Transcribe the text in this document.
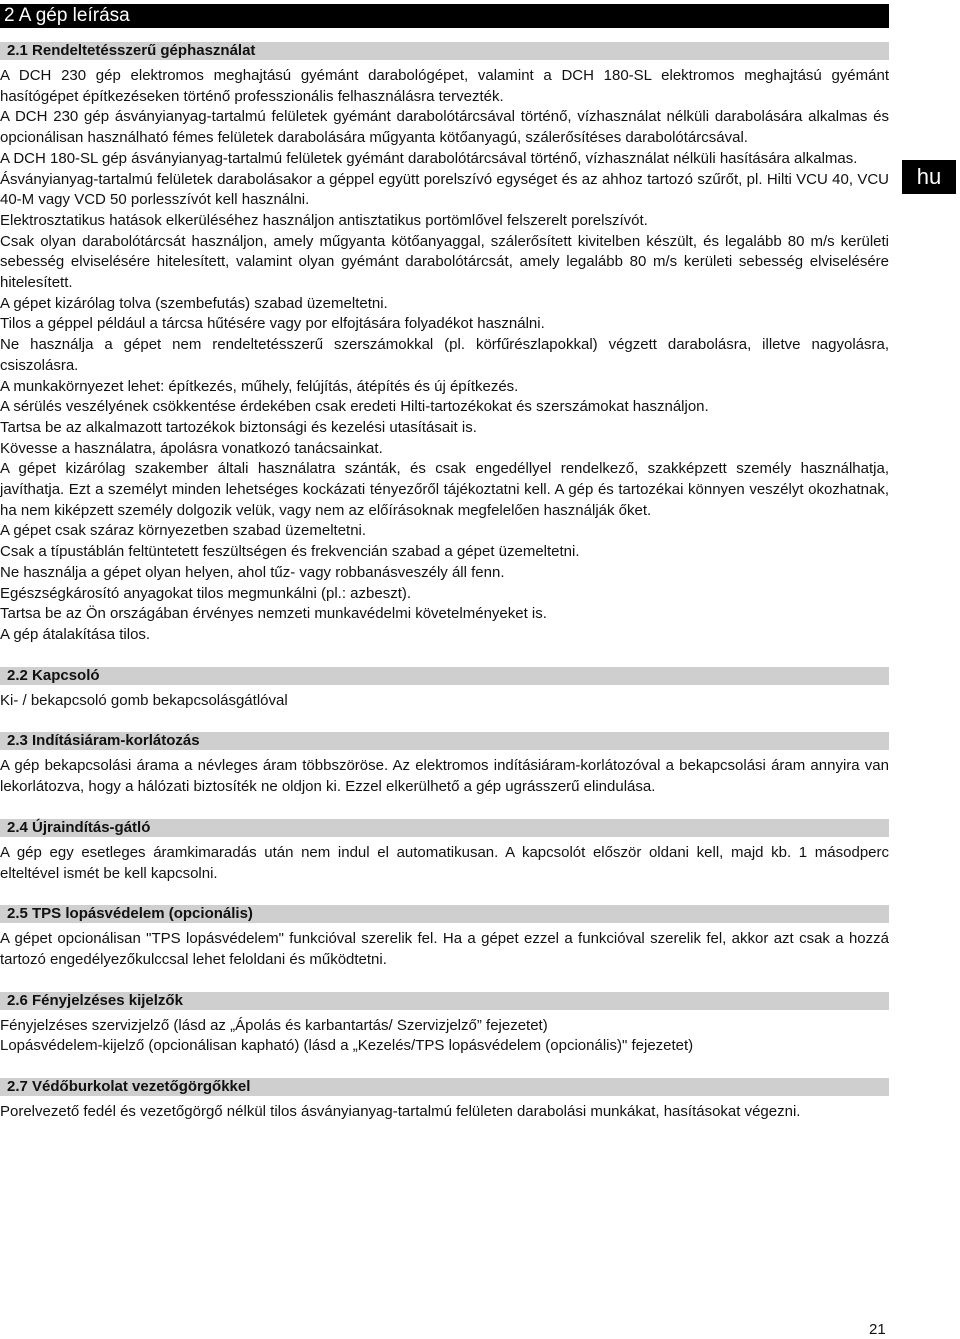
2 A gép leírása
2.1 Rendeltetésszerű géphasználat

A DCH 230 gép elektromos meghajtású gyémánt darabológépet, valamint a DCH 180-SL elektromos meghajtású gyémánt hasítógépet építkezéseken történő professzionális felhasználásra tervezték.

A DCH 230 gép ásványianyag-tartalmú felületek gyémánt darabolótárcsával történő, vízhasználat nélküli darabolására alkalmas és opcionálisan használható fémes felületek darabolására műgyanta kötőanyagú, szálerősítéses darabolótárcsával.

A DCH 180-SL gép ásványianyag-tartalmú felületek gyémánt darabolótárcsával történő, vízhasználat nélküli hasítására alkalmas.

Ásványianyag-tartalmú felületek darabolásakor a géppel együtt porelszívó egységet és az ahhoz tartozó szűrőt, pl. Hilti VCU 40, VCU 40-M vagy VCD 50 porlesszívót kell használni.

Elektrosztatikus hatások elkerüléséhez használjon antisztatikus portömlővel felszerelt porelszívót.

Csak olyan darabolótárcsát használjon, amely műgyanta kötőanyaggal, szálerősített kivitelben készült, és legalább 80 m/s kerületi sebesség elviselésére hitelesített, valamint olyan gyémánt darabolótárcsát, amely legalább 80 m/s kerületi sebesség elviselésére hitelesített.

A gépet kizárólag tolva (szembefutás) szabad üzemeltetni.

Tilos a géppel például a tárcsa hűtésére vagy por elfojtására folyadékot használni.

Ne használja a gépet nem rendeltetésszerű szerszámokkal (pl. körfűrészlapokkal) végzett darabolásra, illetve nagyolásra, csiszolásra.

A munkakörnyezet lehet: építkezés, műhely, felújítás, átépítés és új építkezés.

A sérülés veszélyének csökkentése érdekében csak eredeti Hilti-tartozékokat és szerszámokat használjon.

Tartsa be az alkalmazott tartozékok biztonsági és kezelési utasításait is.

Kövesse a használatra, ápolásra vonatkozó tanácsainkat.

A gépet kizárólag szakember általi használatra szánták, és csak engedéllyel rendelkező, szakképzett személy használhatja, javíthatja. Ezt a személyt minden lehetséges kockázati tényezőről tájékoztatni kell. A gép és tartozékai könnyen veszélyt okozhatnak, ha nem kiképzett személy dolgozik velük, vagy nem az előírásoknak megfelelően használják őket.

A gépet csak száraz környezetben szabad üzemeltetni.

Csak a típustáblán feltüntetett feszültségen és frekvencián szabad a gépet üzemeltetni.

Ne használja a gépet olyan helyen, ahol tűz- vagy robbanásveszély áll fenn.

Egészségkárosító anyagokat tilos megmunkálni (pl.: azbeszt).

Tartsa be az Ön országában érvényes nemzeti munkavédelmi követelményeket is.

A gép átalakítása tilos.

2.2 Kapcsoló

Ki- / bekapcsoló gomb bekapcsolásgátlóval

2.3 Indításiáram-korlátozás

A gép bekapcsolási árama a névleges áram többszöröse. Az elektromos indításiáram-korlátozóval a bekapcsolási áram annyira van lekorlátozva, hogy a hálózati biztosíték ne oldjon ki. Ezzel elkerülhető a gép ugrásszerű elindulása.

2.4 Újraindítás-gátló

A gép egy esetleges áramkimaradás után nem indul el automatikusan. A kapcsolót először oldani kell, majd kb. 1 másodperc elteltével ismét be kell kapcsolni.

2.5 TPS lopásvédelem (opcionális)

A gépet opcionálisan "TPS lopásvédelem" funkcióval szerelik fel. Ha a gépet ezzel a funkcióval szerelik fel, akkor azt csak a hozzá tartozó engedélyezőkulccsal lehet feloldani és működtetni.

2.6 Fényjelzéses kijelzők

Fényjelzéses szervizjelző (lásd az „Ápolás és karbantartás/ Szervizjelző” fejezetet)

Lopásvédelem-kijelző (opcionálisan kapható) (lásd a „Kezelés/TPS lopásvédelem (opcionális)" fejezetet)

2.7 Védőburkolat vezetőgörgőkkel

Porelvezető fedél és vezetőgörgő nélkül tilos ásványianyag-tartalmú felületen darabolási munkákat, hasításokat végezni.

hu
21
